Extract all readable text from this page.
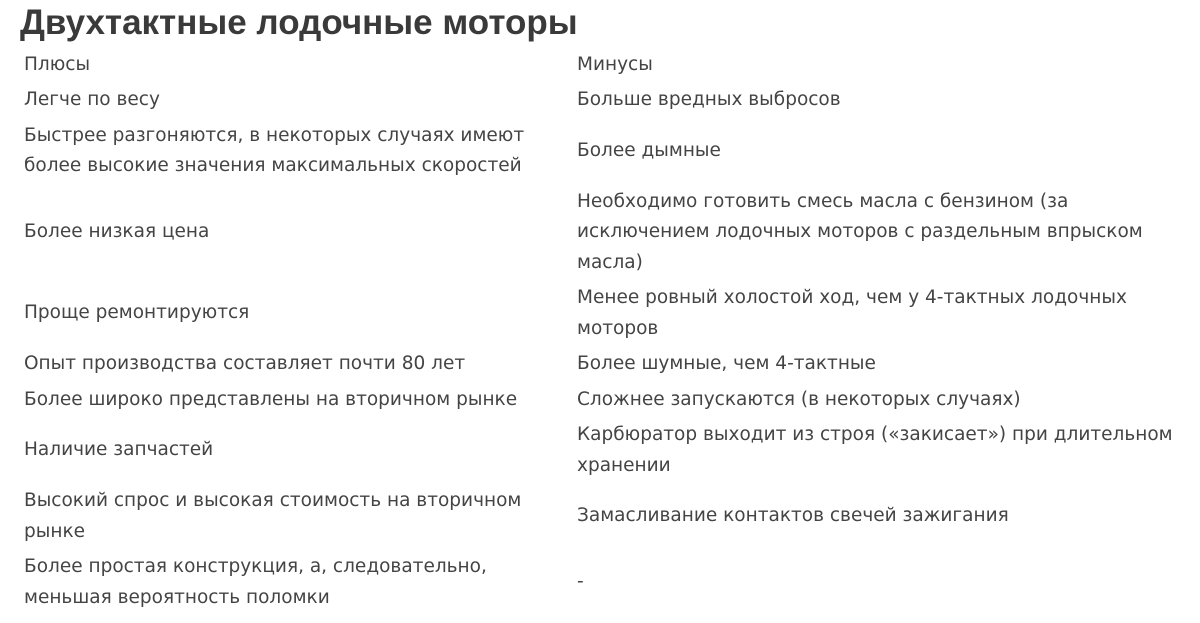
Двухтактные лодочные моторы
Плюсы	Минусы
Легче по весу	Больше вредных выбросов
Быстрее разгоняются, в некоторых случаях имеют более высокие значения максимальных скоростей	Более дымные
Более низкая цена	Необходимо готовить смесь масла с бензином (за исключением лодочных моторов с раздельным впрыском масла)
Проще ремонтируются	Менее ровный холостой ход, чем у 4-тактных лодочных моторов
Опыт производства составляет почти 80 лет	Более шумные, чем 4-тактные
Более широко представлены на вторичном рынке	Сложнее запускаются (в некоторых случаях)
Наличие запчастей	Карбюратор выходит из строя («закисает») при длительном хранении
Высокий спрос и высокая стоимость на вторичном рынке	Замасливание контактов свечей зажигания
Более простая конструкция, а, следовательно, меньшая вероятность поломки	-
